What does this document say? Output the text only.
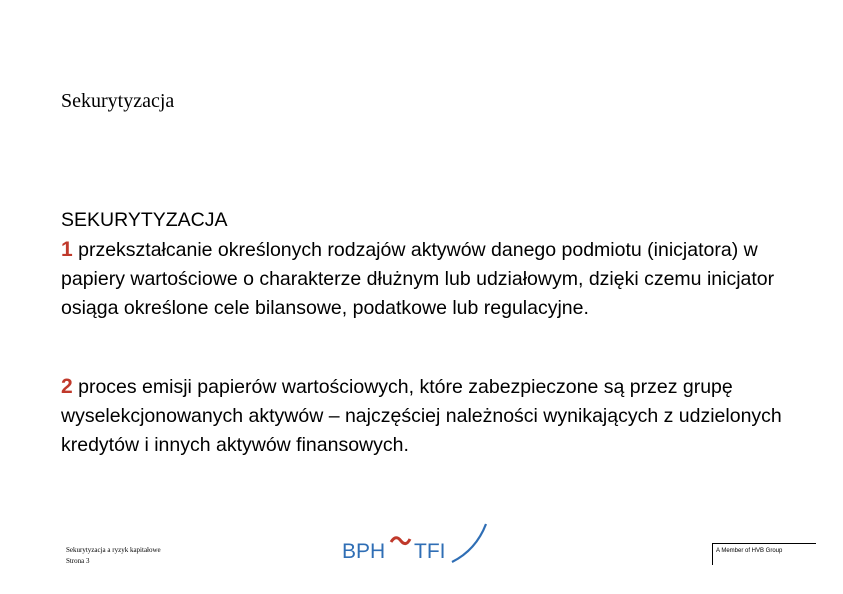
Sekurytyzacja

SEKURYTYZACJA

1 przekształcanie określonych rodzajów aktywów danego podmiotu (inicjatora) w papiery wartościowe o charakterze dłużnym lub udziałowym, dzięki czemu inicjator osiąga określone cele bilansowe, podatkowe lub regulacyjne.

2 proces emisji papierów wartościowych, które zabezpieczone są przez grupę wyselekcjonowanych aktywów – najczęściej należności wynikających z udzielonych kredytów i innych aktywów finansowych.

Sekurytyzacja a ryzyk kapitałowe
Strona 3	BPH TFI	A Member of HVB Group
